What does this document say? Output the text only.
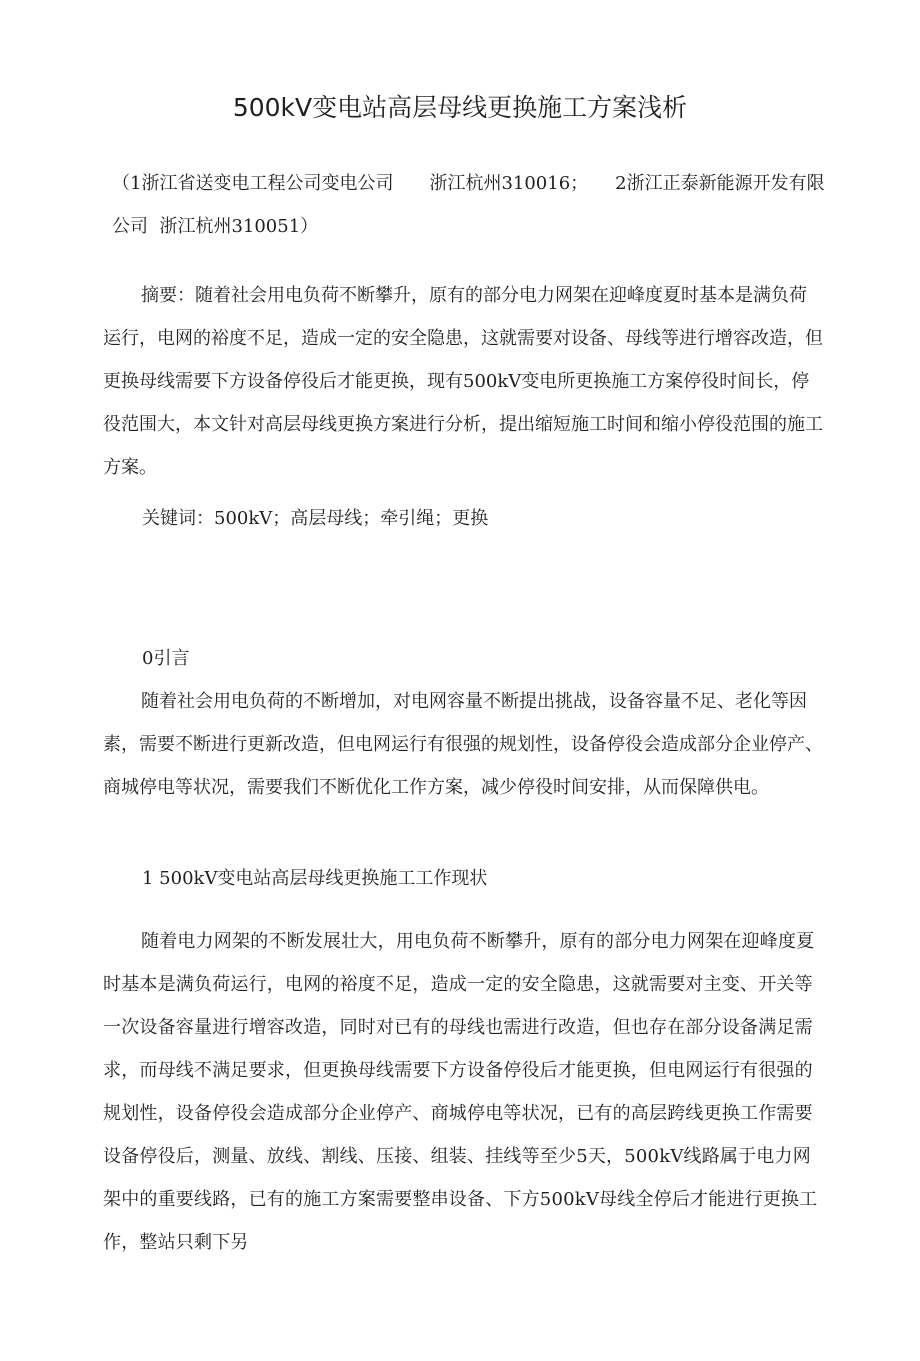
500kV变电站高层母线更换施工方案浅析

（1浙江省送变电工程公司变电公司　　浙江杭州310016；　　2浙江正泰新能源开发有限公司  浙江杭州310051）

摘要：随着社会用电负荷不断攀升，原有的部分电力网架在迎峰度夏时基本是满负荷运行，电网的裕度不足，造成一定的安全隐患，这就需要对设备、母线等进行增容改造，但更换母线需要下方设备停役后才能更换，现有500kV变电所更换施工方案停役时间长，停役范围大，本文针对高层母线更换方案进行分析，提出缩短施工时间和缩小停役范围的施工方案。

关键词：500kV；高层母线；牵引绳；更换

0引言

随着社会用电负荷的不断增加，对电网容量不断提出挑战，设备容量不足、老化等因素，需要不断进行更新改造，但电网运行有很强的规划性，设备停役会造成部分企业停产、商城停电等状况，需要我们不断优化工作方案，减少停役时间安排，从而保障供电。

1 500kV变电站高层母线更换施工工作现状

随着电力网架的不断发展壮大，用电负荷不断攀升，原有的部分电力网架在迎峰度夏时基本是满负荷运行，电网的裕度不足，造成一定的安全隐患，这就需要对主变、开关等一次设备容量进行增容改造，同时对已有的母线也需进行改造，但也存在部分设备满足需求，而母线不满足要求，但更换母线需要下方设备停役后才能更换，但电网运行有很强的规划性，设备停役会造成部分企业停产、商城停电等状况，已有的高层跨线更换工作需要设备停役后，测量、放线、割线、压接、组装、挂线等至少5天，500kV线路属于电力网架中的重要线路，已有的施工方案需要整串设备、下方500kV母线全停后才能进行更换工作，整站只剩下另
